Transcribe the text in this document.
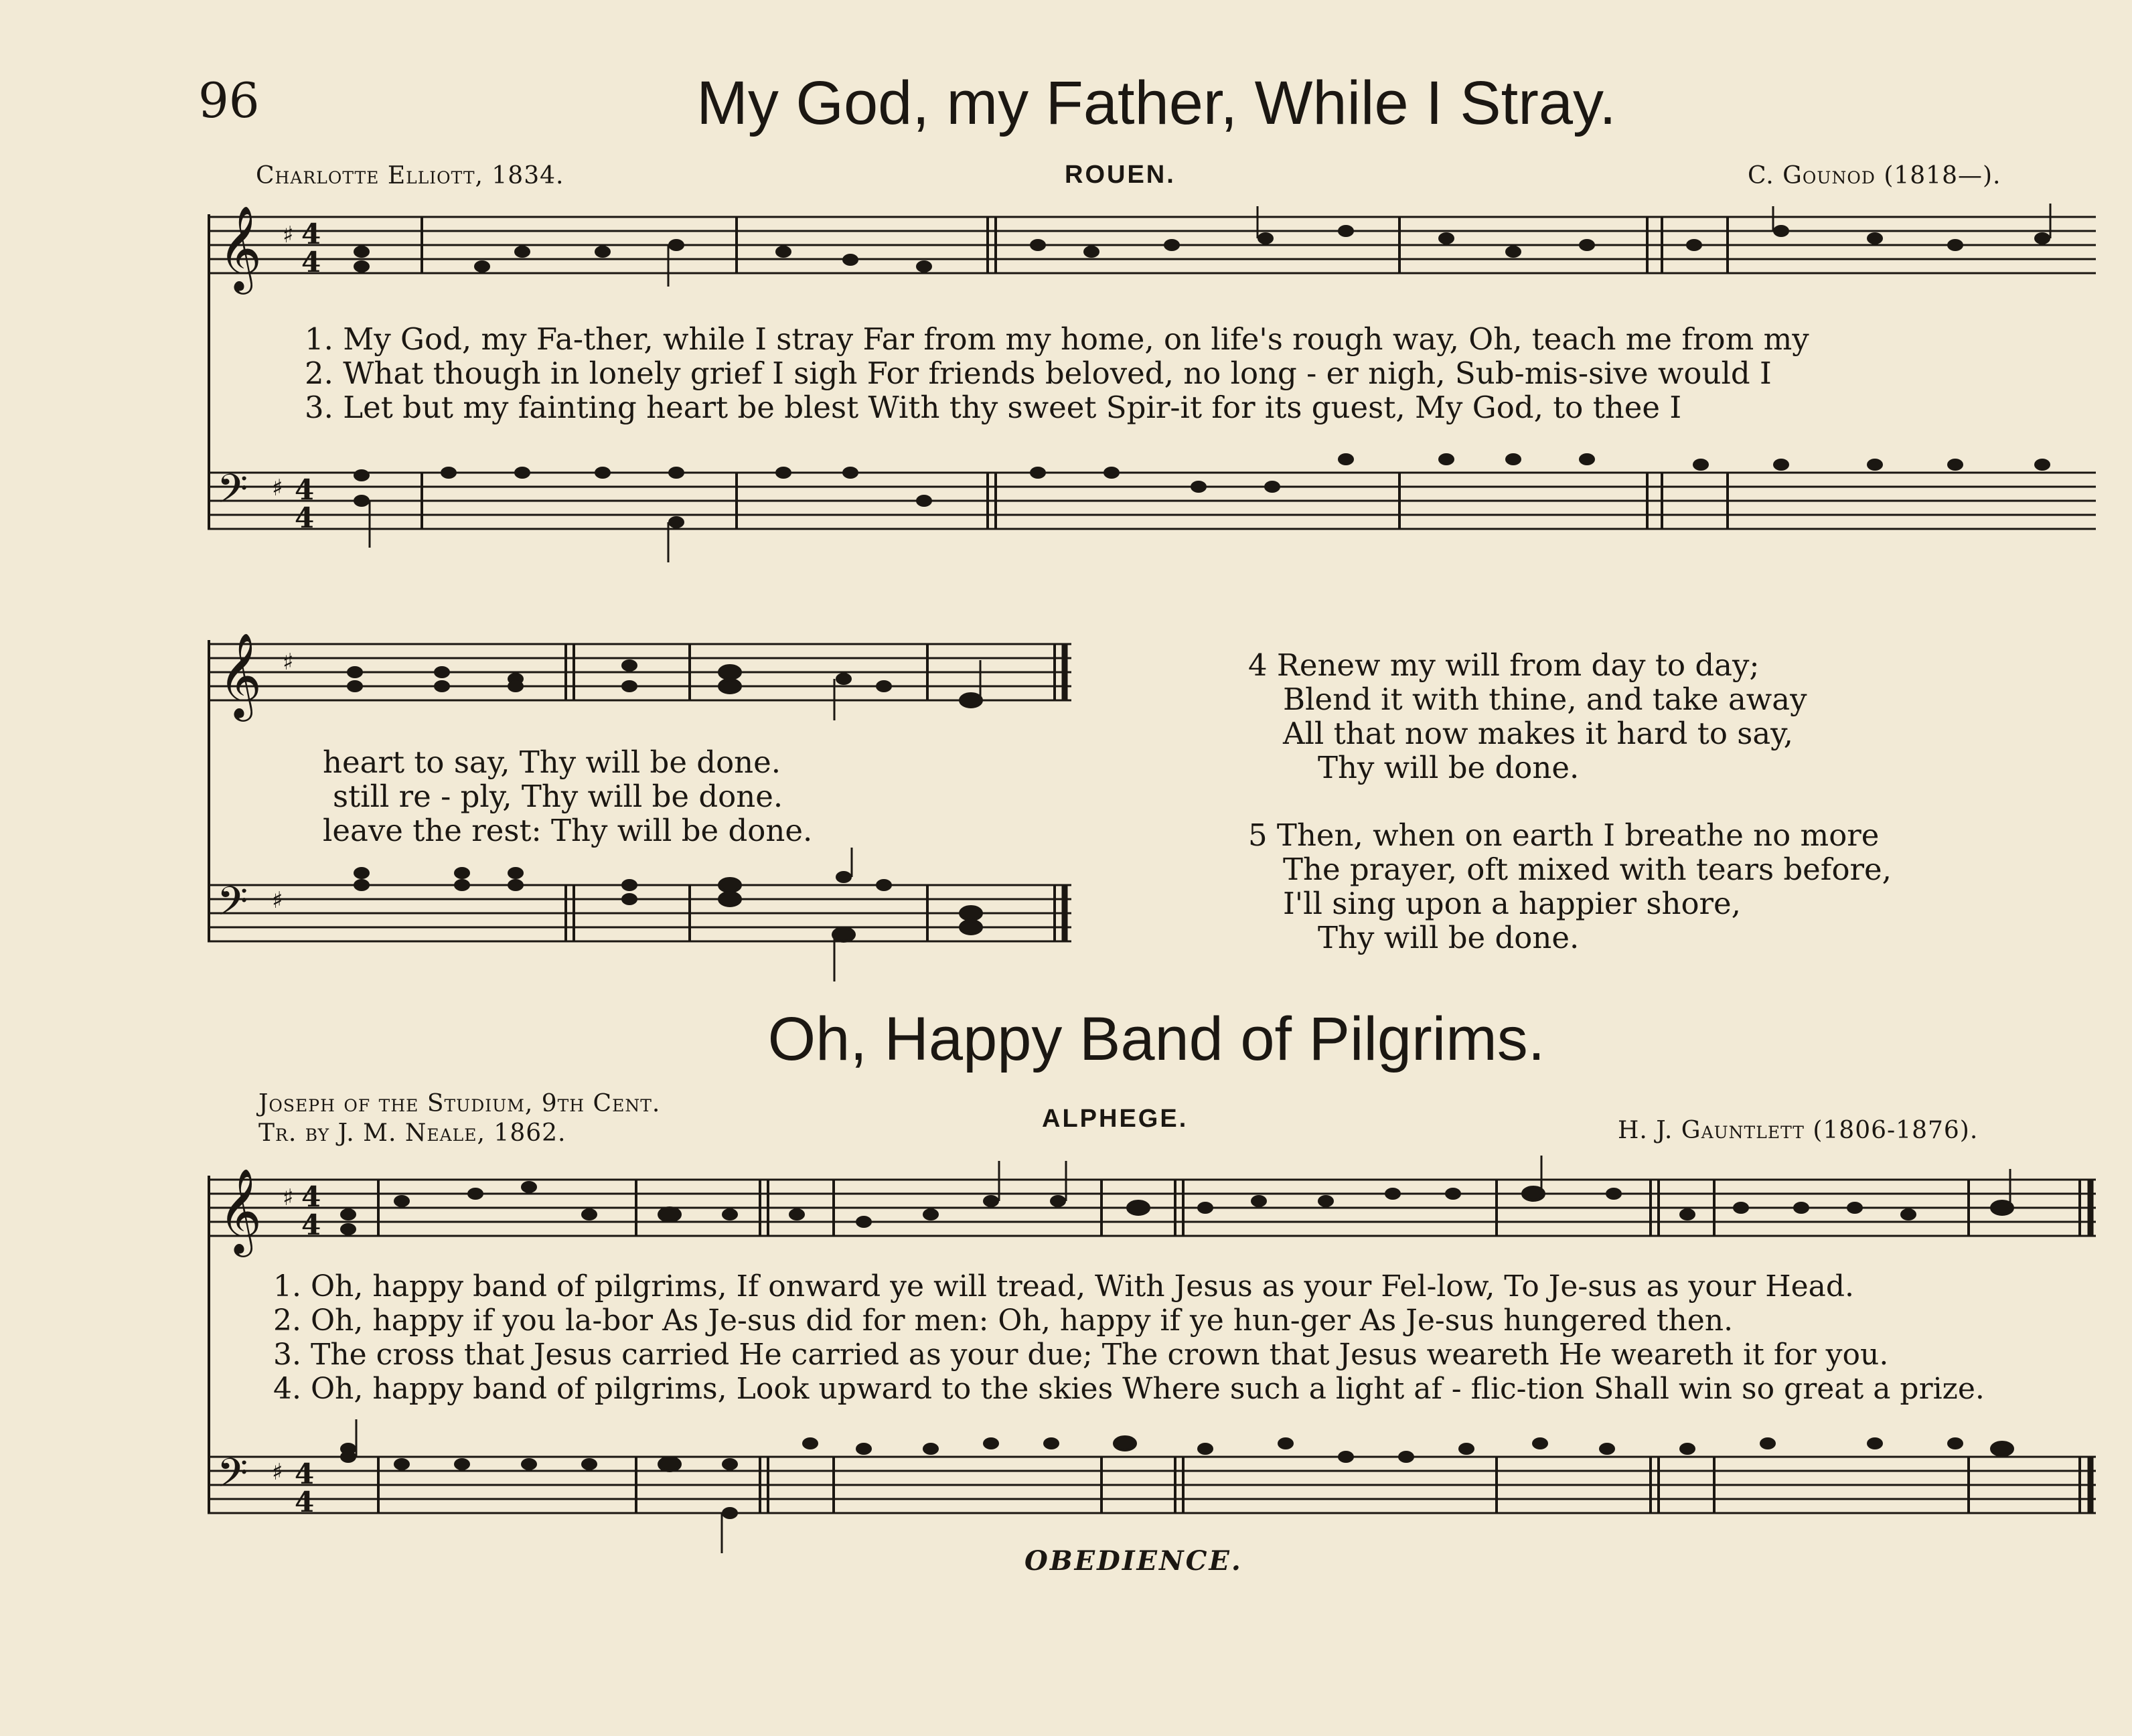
96	My God, my Father, While I Stray.
Charlotte Elliott, 1834.	ROUEN.	C. Gounod (1818—).
𝄞 ♯ 4
4
1. My God, my Fa-ther, while I stray Far from my home, on life's rough way, Oh, teach me from my
2. What though in lonely grief I sigh For friends beloved, no long - er nigh, Sub-mis-sive would I
3. Let but my fainting heart be blest With thy sweet Spir-it for its guest, My God, to thee I
𝄢 ♯ 4
4
𝄞 ♯
heart to say, Thy will be done.
still re - ply, Thy will be done.
leave the rest: Thy will be done.
𝄢 ♯
4 Renew my will from day to day;
Blend it with thine, and take away
All that now makes it hard to say,
Thy will be done.
5 Then, when on earth I breathe no more
The prayer, oft mixed with tears before,
I'll sing upon a happier shore,
Thy will be done.
Oh, Happy Band of Pilgrims.
Joseph of the Studium, 9th Cent.
Tr. by J. M. Neale, 1862.
ALPHEGE.	H. J. Gauntlett (1806-1876).
𝄞 ♯ 4
4
1. Oh, happy band of pilgrims, If onward ye will tread, With Jesus as your Fel-low, To Je-sus as your Head.
2. Oh, happy if you la-bor As Je-sus did for men: Oh, happy if ye hun-ger As Je-sus hungered then.
3. The cross that Jesus carried He carried as your due; The crown that Jesus weareth He weareth it for you.
4. Oh, happy band of pilgrims, Look upward to the skies Where such a light af - flic-tion Shall win so great a prize.
𝄢 ♯ 4
4
OBEDIENCE.
